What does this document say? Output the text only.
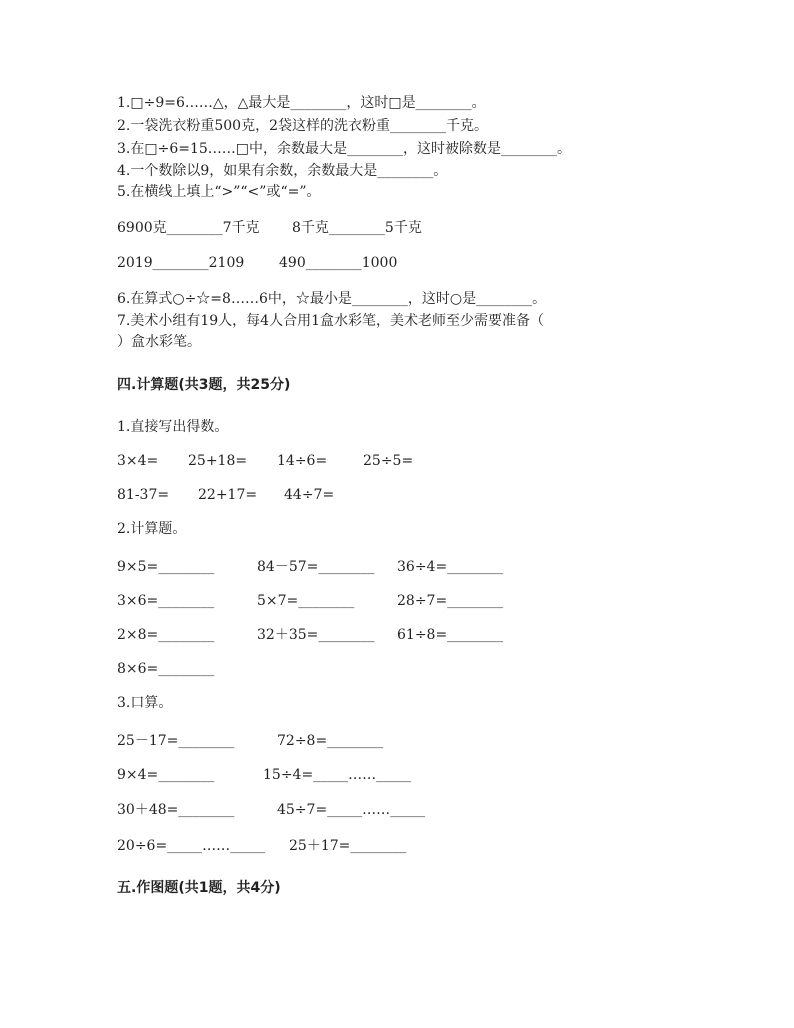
1.□÷9=6……△，△最大是________，这时□是________。
2.一袋洗衣粉重500克，2袋这样的洗衣粉重________千克。
3.在□÷6=15……□中，余数最大是________，这时被除数是________。
4.一个数除以9，如果有余数，余数最大是________。
5.在横线上填上“>”“<”或“=”。
6900克________7千克 8千克________5千克
2019________2109 490________1000
6.在算式○÷☆=8……6中，☆最小是________，这时○是________。
7.美术小组有19人，每4人合用1盒水彩笔，美术老师至少需要准备（
）盒水彩笔。
四.计算题(共3题，共25分)
1.直接写出得数。
3×4= 25+18= 14÷6=	25÷5=
81-37= 22+17= 44÷7=
2.计算题。
9×5=________	84－57=________ 36÷4=________
3×6=________	5×7=________	28÷7=________
2×8=________	32＋35=________ 61÷8=________
8×6=________
3.口算。
25－17=________	72÷8=________
9×4=________	15÷4=_____……_____
30＋48=________	45÷7=_____……_____
20÷6=_____……_____ 25＋17=________
五.作图题(共1题，共4分)
